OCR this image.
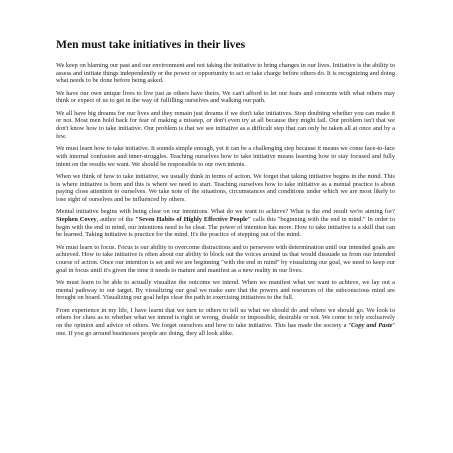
Men must take initiatives in their lives

We keep on blaming our past and our environment and not taking the initiative to bring changes in our lives. Initiative is the ability to assess and initiate things independently or the power or opportunity to act or take charge before others do. It is recognizing and doing what needs to be done before being asked.

We have our own unique lives to live just as others have theirs. We can't afford to let our fears and concerns with what others may think or expect of us to get in the way of fulfilling ourselves and walking our path.

We all have big dreams for our lives and they remain just dreams if we don't take initiatives. Stop doubting whether you can make it or not. Most men hold back for fear of making a misstep, or don't even try at all because they might fail. Our problem isn't that we don't know how to take initiative. Our problem is that we see initiative as a difficult step that can only be taken all at once and by a few.

We must learn how to take initiative. It sounds simple enough, yet it can be a challenging step because it means we come face-to-face with internal confusion and inner-struggles. Teaching ourselves how to take initiative means learning how to stay focused and fully intent on the results we want. We should be responsible to our own intents.

When we think of how to take initiative, we usually think in terms of action. We forget that taking initiative begins in the mind. This is where initiative is born and this is where we need to start. Teaching ourselves how to take initiative as a mental practice is about paying close attention to ourselves. We take note of the situations, circumstances and conditions under which we are most likely to lose sight of ourselves and be influenced by others.

Mental initiative begins with being clear on our intentions. What do we want to achieve? What is the end result we're aiming for? Stephen Covey, author of the "Seven Habits of Highly Effective People" calls this "beginning with the end in mind." In order to begin with the end in mind, our intentions need to be clear. The power of intention has more. How to take initiative is a skill that can be learned. Taking initiative is practice for the mind. It's the practice of stepping out of the mind.

We must learn to focus. Focus is our ability to overcome distractions and to persevere with determination until our intended goals are achieved. How to take initiative is often about our ability to block out the voices around us that would dissuade us from our intended course of action. Once our intention is set and we are beginning "with the end in mind" by visualizing our goal, we need to keep our goal in focus until it's given the time it needs to mature and manifest as a new reality in our lives.

We must learn to be able to actually visualize the outcome we intend. When we manifest what we want to achieve, we lay out a mental pathway to our target. By visualizing our goal we make sure that the powers and resources of the subconscious mind are brought on board. Visualizing our goal helps clear the path to exercising initiatives to the full.

From experience in my life, I have learnt that we turn to others to tell us what we should do and where we should go. We look to others for clues as to whether what we intend is right or wrong, doable or impossible, desirable or not. We come to rely exclusively on the opinion and advice of others. We forget ourselves and how to take initiative. This has made the society a "Copy and Paste" one. If you go around businesses people are doing, they all look alike.
